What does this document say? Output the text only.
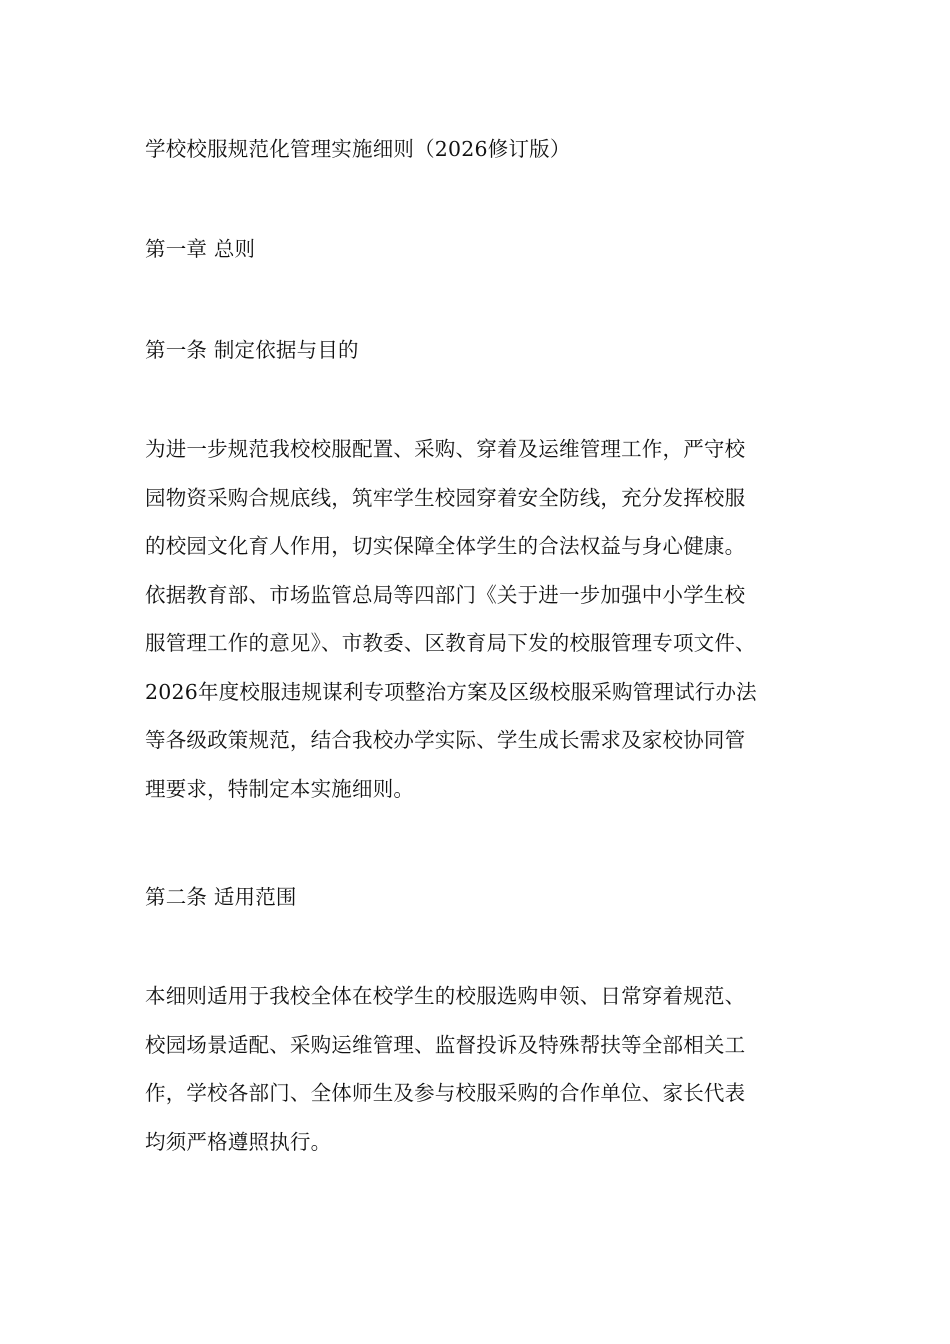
学校校服规范化管理实施细则（2026修订版）
第一章 总则
第一条 制定依据与目的
为进一步规范我校校服配置、采购、穿着及运维管理工作，严守校
园物资采购合规底线，筑牢学生校园穿着安全防线，充分发挥校服
的校园文化育人作用，切实保障全体学生的合法权益与身心健康。
依据教育部、市场监管总局等四部门《关于进一步加强中小学生校
服管理工作的意见》、市教委、区教育局下发的校服管理专项文件、
2026年度校服违规谋利专项整治方案及区级校服采购管理试行办法
等各级政策规范，结合我校办学实际、学生成长需求及家校协同管
理要求，特制定本实施细则。
第二条 适用范围
本细则适用于我校全体在校学生的校服选购申领、日常穿着规范、
校园场景适配、采购运维管理、监督投诉及特殊帮扶等全部相关工
作，学校各部门、全体师生及参与校服采购的合作单位、家长代表
均须严格遵照执行。
